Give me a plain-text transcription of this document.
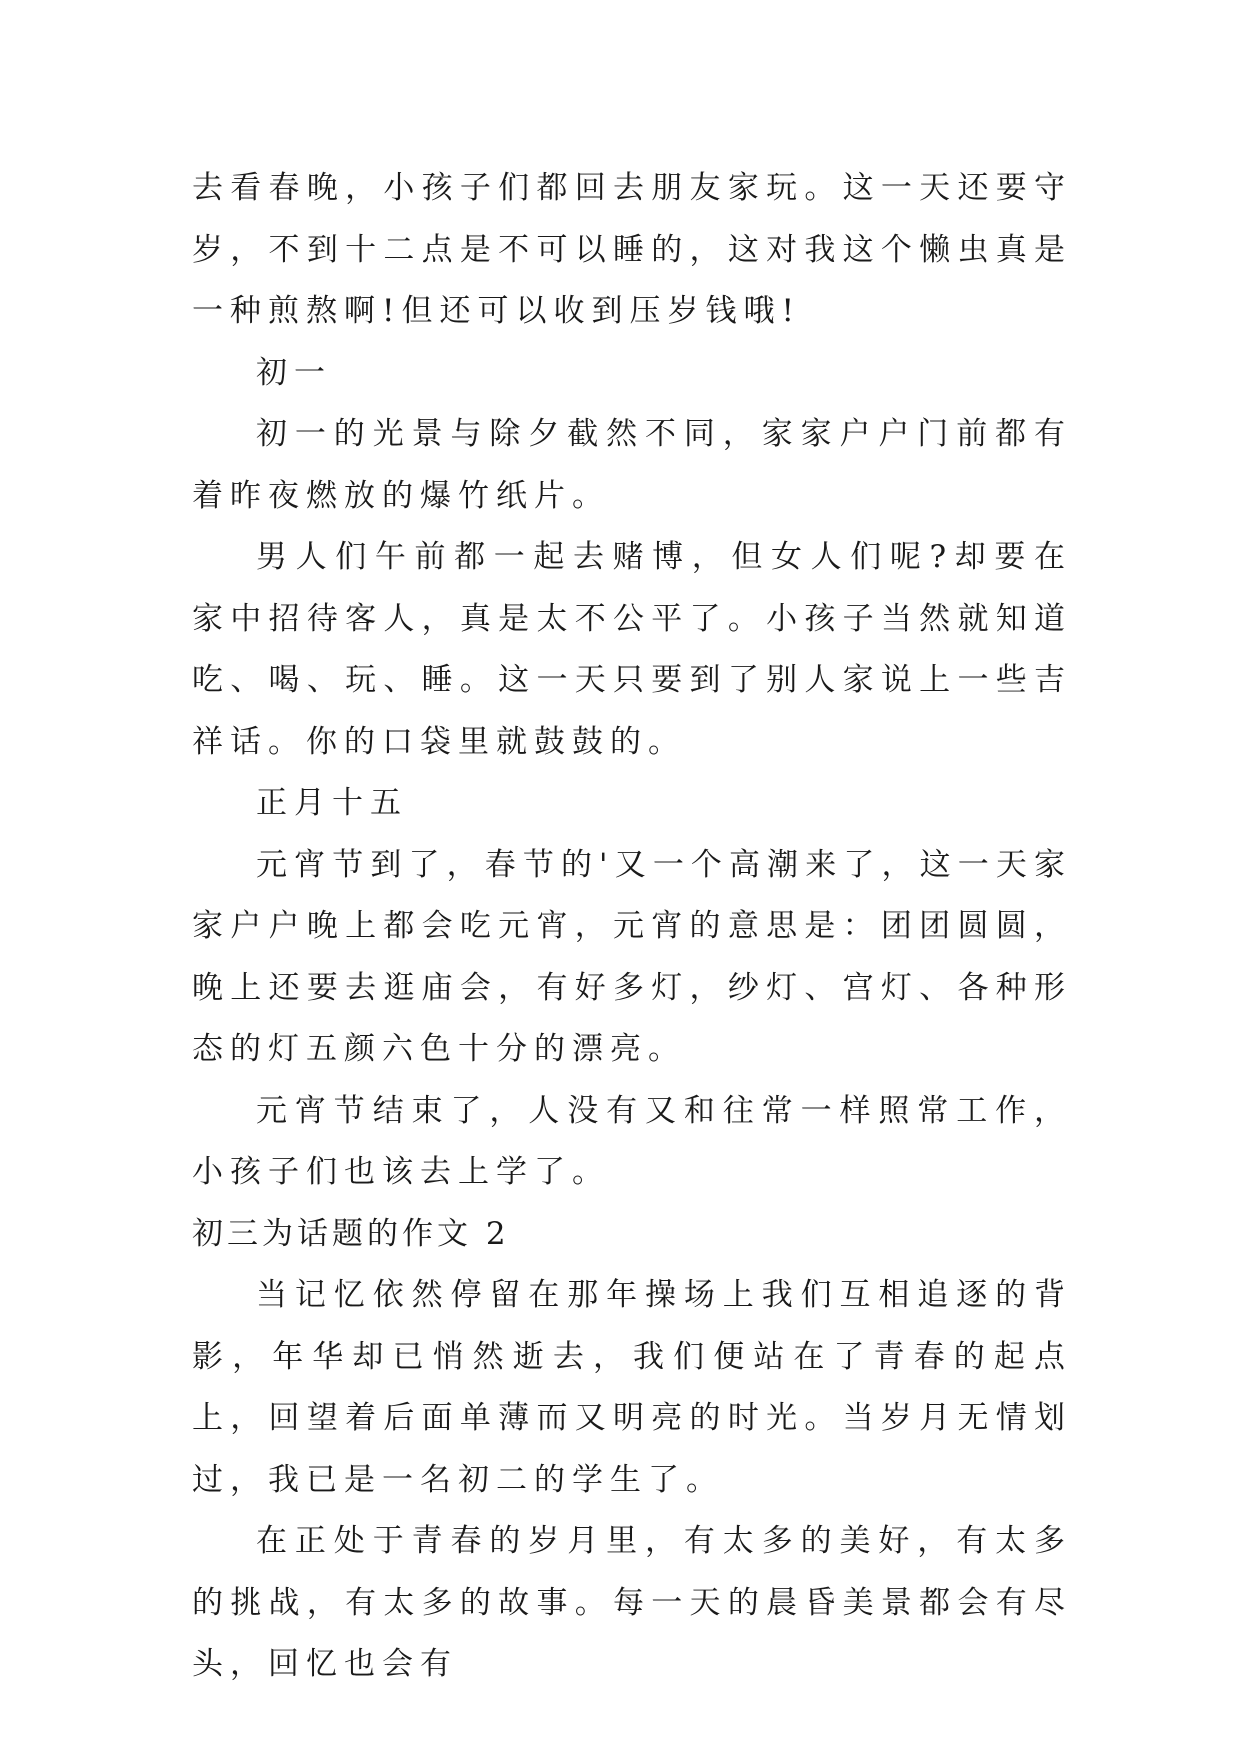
去看春晚，小孩子们都回去朋友家玩。这一天还要守岁，不到十二点是不可以睡的，这对我这个懒虫真是一种煎熬啊!但还可以收到压岁钱哦!

初一

初一的光景与除夕截然不同，家家户户门前都有着昨夜燃放的爆竹纸片。

男人们午前都一起去赌博，但女人们呢?却要在家中招待客人，真是太不公平了。小孩子当然就知道吃、喝、玩、睡。这一天只要到了别人家说上一些吉祥话。你的口袋里就鼓鼓的。

正月十五

元宵节到了，春节的'又一个高潮来了，这一天家家户户晚上都会吃元宵，元宵的意思是：团团圆圆，晚上还要去逛庙会，有好多灯，纱灯、宫灯、各种形态的灯五颜六色十分的漂亮。

元宵节结束了，人没有又和往常一样照常工作，小孩子们也该去上学了。

初三为话题的作文 2

当记忆依然停留在那年操场上我们互相追逐的背影，年华却已悄然逝去，我们便站在了青春的起点上，回望着后面单薄而又明亮的时光。当岁月无情划过，我已是一名初二的学生了。

在正处于青春的岁月里，有太多的美好，有太多的挑战，有太多的故事。每一天的晨昏美景都会有尽头，回忆也会有
